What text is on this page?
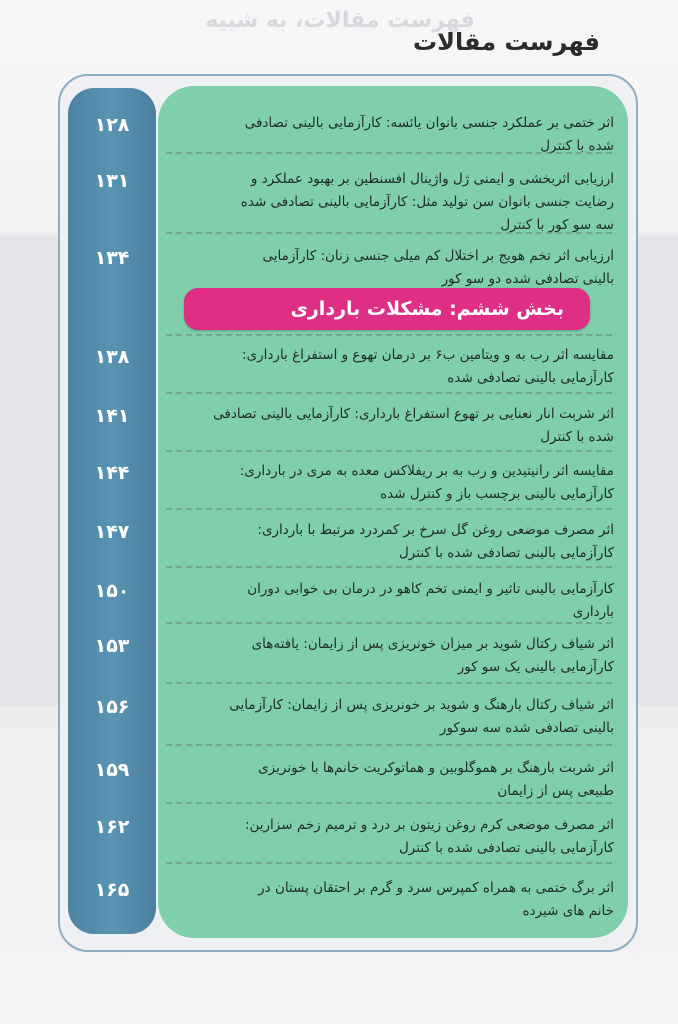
فهرست مقالات، به شبيه
فهرست مقالات
۱۲۸	اثر ختمی بر عملکرد جنسی بانوان یائسه: کارآزمایی بالینی تصادفی
شده با کنترل
۱۳۱	ارزیابی اثربخشی و ایمنی ژل واژینال افسنطین بر بهبود عملکرد و
رضایت جنسی بانوان سن تولید مثل: کارآزمایی بالینی تصادفی شده
سه سو کور با کنترل
۱۳۴	ارزیابی اثر تخم هویج بر اختلال کم میلی جنسی زنان: کارآزمایی
بالینی تصادفی شده دو سو کور
۱۳۸	مقایسه اثر رب به و ویتامین ب۶ بر درمان تهوع و استفراغ بارداری:
کارآزمایی بالینی تصادفی شده
۱۴۱	اثر شربت انار نعنایی بر تهوع استفراغ بارداری: کارآزمایی بالینی تصادفی
شده با کنترل
۱۴۴	مقایسه اثر رانیتیدین و رب به بر ریفلاکس معده به مری در بارداری:
کارآزمایی بالینی برچسب باز و کنترل شده
۱۴۷	اثر مصرف موضعی روغن گل سرخ بر کمردرد مرتبط با بارداری:
کارآزمایی بالینی تصادفی شده با کنترل
۱۵۰	کارآزمایی بالینی تاثیر و ایمنی تخم کاهو در درمان بی خوابی دوران
بارداری
۱۵۳	اثر شیاف رکتال شوید بر میزان خونریزی پس از زایمان: یافته‌های
کارآزمایی بالینی یک سو کور
۱۵۶	اثر شیاف رکتال بارهنگ و شوید بر خونریزی پس از زایمان: کارآزمایی
بالینی تصادفی شده سه سوکور
۱۵۹	اثر شربت بارهنگ بر هموگلوبین و هماتوکریت خانم‌ها با خونریزی
طبیعی پس از زایمان
۱۶۲	اثر مصرف موضعی کرم روغن زیتون بر درد و ترمیم زخم سزارین:
کارآزمایی بالینی تصادفی شده با کنترل
۱۶۵	اثر برگ ختمی به همراه کمپرس سرد و گرم بر احتقان پستان در
خانم های شیرده
بخش ششم: مشکلات بارداری
